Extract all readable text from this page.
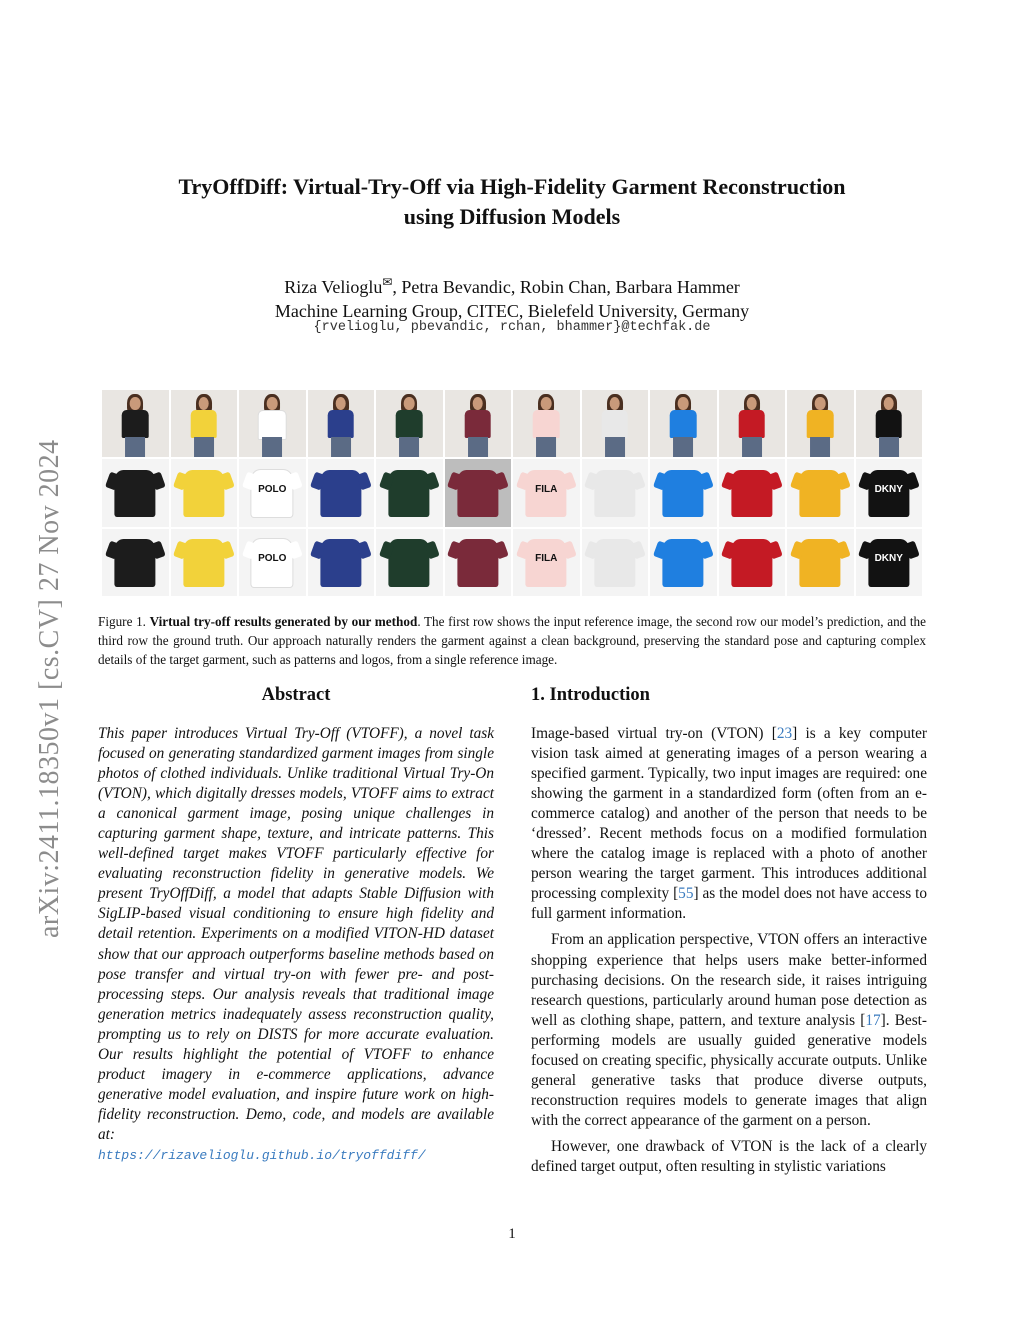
arXiv:2411.18350v1 [cs.CV] 27 Nov 2024
TryOffDiff: Virtual-Try-Off via High-Fidelity Garment Reconstruction
using Diffusion Models
Riza Velioglu✉, Petra Bevandic, Robin Chan, Barbara Hammer
Machine Learning Group, CITEC, Bielefeld University, Germany
{rvelioglu, pbevandic, rchan, bhammer}@techfak.de
POLO	FILA	DKNY
POLO	FILA	DKNY
Figure 1. Virtual try-off results generated by our method. The first row shows the input reference image, the second row our model’s prediction, and the third row the ground truth. Our approach naturally renders the garment against a clean background, preserving the standard pose and capturing complex details of the target garment, such as patterns and logos, from a single reference image.
Abstract

This paper introduces Virtual Try-Off (VTOFF), a novel task focused on generating standardized garment images from single photos of clothed individuals. Unlike traditional Virtual Try-On (VTON), which digitally dresses models, VTOFF aims to extract a canonical garment image, posing unique challenges in capturing garment shape, texture, and intricate patterns. This well-defined target makes VTOFF particularly effective for evaluating reconstruction fidelity in generative models. We present TryOffDiff, a model that adapts Stable Diffusion with SigLIP-based visual conditioning to ensure high fidelity and detail retention. Experiments on a modified VITON-HD dataset show that our approach outperforms baseline methods based on pose transfer and virtual try-on with fewer pre- and post-processing steps. Our analysis reveals that traditional image generation metrics inadequately assess reconstruction quality, prompting us to rely on DISTS for more accurate evaluation. Our results highlight the potential of VTOFF to enhance product imagery in e-commerce applications, advance generative model evaluation, and inspire future work on high-fidelity reconstruction. Demo, code, and models are available at:
https://rizavelioglu.github.io/tryoffdiff/

1. Introduction

Image-based virtual try-on (VTON) [23] is a key computer vision task aimed at generating images of a person wearing a specified garment. Typically, two input images are required: one showing the garment in a standardized form (often from an e-commerce catalog) and another of the person that needs to be ‘dressed’. Recent methods focus on a modified formulation where the catalog image is replaced with a photo of another person wearing the target garment. This introduces additional processing complexity [55] as the model does not have access to full garment information.

From an application perspective, VTON offers an interactive shopping experience that helps users make better-informed purchasing decisions. On the research side, it raises intriguing research questions, particularly around human pose detection as well as clothing shape, pattern, and texture analysis [17]. Best-performing models are usually guided generative models focused on creating specific, physically accurate outputs. Unlike general generative tasks that produce diverse outputs, reconstruction requires models to generate images that align with the correct appearance of the garment on a person.

However, one drawback of VTON is the lack of a clearly defined target output, often resulting in stylistic variations

1
